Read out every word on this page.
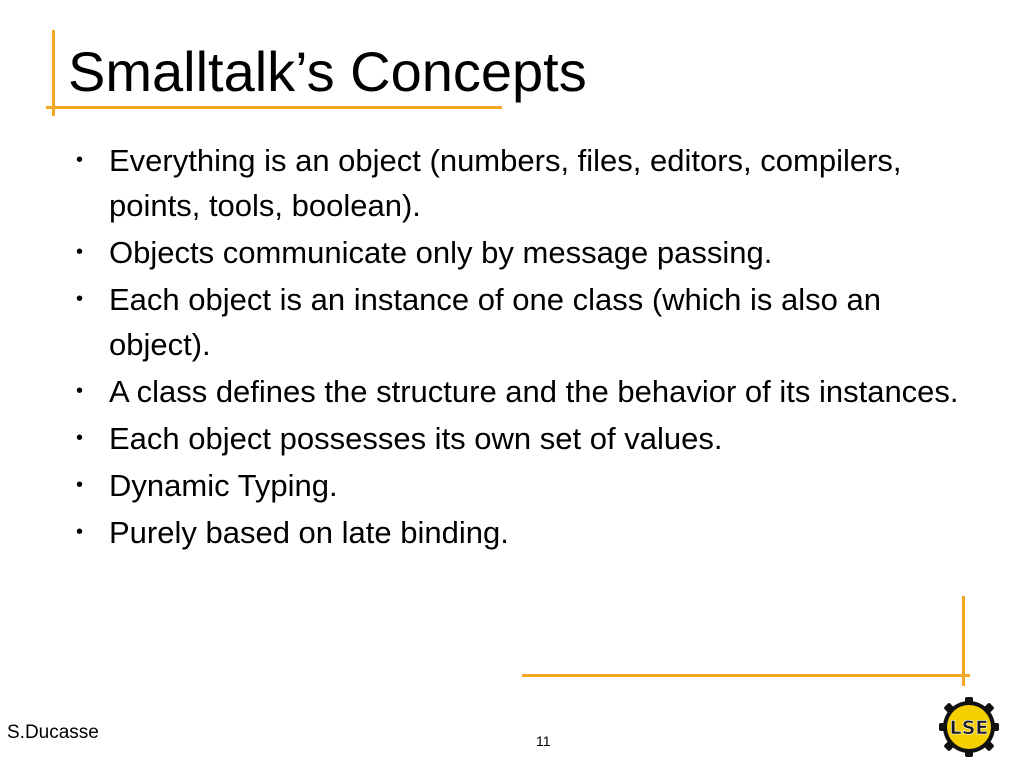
Smalltalk’s Concepts
• Everything is an object (numbers, files, editors, compilers, points, tools, boolean).
• Objects communicate only by message passing.
• Each object is an instance of one class (which is also an object).
• A class defines the structure and the behavior of its instances.
• Each object possesses its own set of values.
• Dynamic Typing.
• Purely based on late binding.
S.Ducasse	11
LSE
